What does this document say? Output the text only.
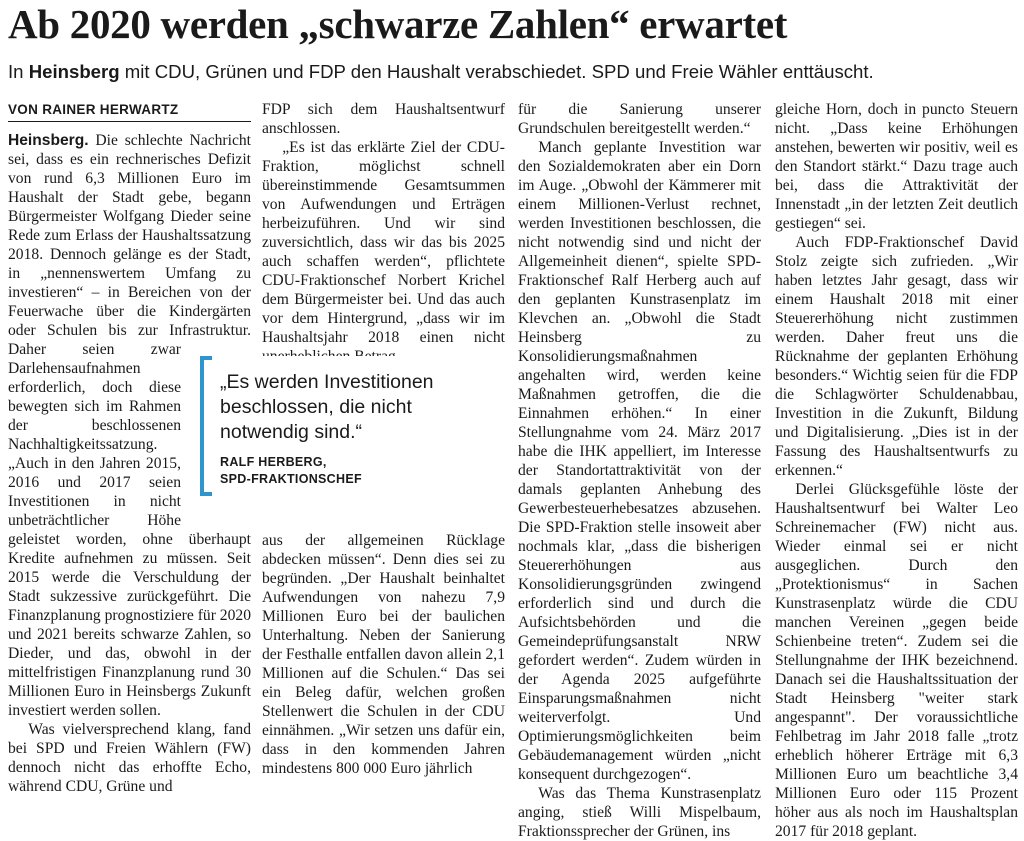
Ab 2020 werden „schwarze Zahlen“ erwartet
In Heinsberg mit CDU, Grünen und FDP den Haushalt verabschiedet. SPD und Freie Wähler enttäuscht.
VON RAINER HERWARTZ

Heinsberg. Die schlechte Nachricht sei, dass es ein rechnerisches Defizit von rund 6,3 Millionen Euro im Haushalt der Stadt gebe, begann Bürgermeister Wolfgang Dieder seine Rede zum Erlass der Haushaltssatzung 2018. Dennoch gelänge es der Stadt, in „nennenswertem Umfang zu investieren“ – in Bereichen von der Feuerwache über die Kindergärten oder Schulen bis zur Infrastruktur. Daher seien zwar Darlehensaufnahmen erforderlich, doch diese bewegten sich im Rahmen der beschlossenen Nachhaltigkeitssatzung. „Auch in den Jahren 2015, 2016 und 2017 seien Investitionen in nicht unbeträchtlicher Höhe geleistet worden, ohne überhaupt Kredite aufnehmen zu müssen. Seit 2015 werde die Verschuldung der Stadt sukzessive zurückgeführt. Die Finanzplanung prognostiziere für 2020 und 2021 bereits schwarze Zahlen, so Dieder, und das, obwohl in der mittelfristigen Finanzplanung rund 30 Millionen Euro in Heinsbergs Zukunft investiert werden sollen.

Was vielversprechend klang, fand bei SPD und Freien Wählern (FW) dennoch nicht das erhoffte Echo, während CDU, Grüne und

FDP sich dem Haushaltsentwurf anschlossen.

„Es ist das erklärte Ziel der CDU-Fraktion, möglichst schnell übereinstimmende Gesamtsummen von Aufwendungen und Erträgen herbeizuführen. Und wir sind zuversichtlich, dass wir das bis 2025 auch schaffen werden“, pflichtete CDU-Fraktionschef Norbert Krichel dem Bürgermeister bei. Und das auch vor dem Hintergrund, „dass wir im Haushaltsjahr 2018 einen nicht

aus der allgemeinen Rücklage abdecken müssen“. Denn dies sei zu begründen. „Der Haushalt beinhaltet Aufwendungen von nahezu 7,9 Millionen Euro bei der baulichen Unterhaltung. Neben der Sanierung der Festhalle entfallen davon allein 2,1 Millionen auf die Schulen.“ Das sei ein Beleg dafür, welchen großen Stellenwert die Schulen in der CDU einnähmen. „Wir setzen uns dafür ein, dass in den kommenden Jahren mindestens 800 000 Euro jährlich

für die Sanierung unserer Grundschulen bereitgestellt werden.“

Manch geplante Investition war den Sozialdemokraten aber ein Dorn im Auge. „Obwohl der Kämmerer mit einem Millionen-Verlust rechnet, werden Investitionen beschlossen, die nicht notwendig sind und nicht der Allgemeinheit dienen“, spielte SPD-Fraktionschef Ralf Herberg auch auf den geplanten Kunstrasenplatz im Klevchen an. „Obwohl die Stadt Heinsberg zu Konsolidierungsmaßnahmen angehalten wird, werden keine Maßnahmen getroffen, die die Einnahmen erhöhen.“ In einer Stellungnahme vom 24. März 2017 habe die IHK appelliert, im Interesse der Standortattraktivität von der damals geplanten Anhebung des Gewerbesteuerhebesatzes abzusehen. Die SPD-Fraktion stelle insoweit aber nochmals klar, „dass die bisherigen Steuererhöhungen aus Konsolidierungsgründen zwingend erforderlich sind und durch die Aufsichtsbehörden und die Gemeindeprüfungsanstalt NRW gefordert werden“. Zudem würden in der Agenda 2025 aufgeführte Einsparungsmaßnahmen nicht weiterverfolgt. Und Optimierungsmöglichkeiten beim Gebäudemanagement würden „nicht konsequent durchgezogen“.

Was das Thema Kunstrasenplatz anging, stieß Willi Mispelbaum, Fraktionssprecher der Grünen, ins

gleiche Horn, doch in puncto Steuern nicht. „Dass keine Erhöhungen anstehen, bewerten wir positiv, weil es den Standort stärkt.“ Dazu trage auch bei, dass die Attraktivität der Innenstadt „in der letzten Zeit deutlich gestiegen“ sei.

Auch FDP-Fraktionschef David Stolz zeigte sich zufrieden. „Wir haben letztes Jahr gesagt, dass wir einem Haushalt 2018 mit einer Steuererhöhung nicht zustimmen werden. Daher freut uns die Rücknahme der geplanten Erhöhung besonders.“ Wichtig seien für die FDP die Schlagwörter Schuldenabbau, Investition in die Zukunft, Bildung und Digitalisierung. „Dies ist in der Fassung des Haushaltsentwurfs zu erkennen.“

Derlei Glücksgefühle löste der Haushaltsentwurf bei Walter Leo Schreinemacher (FW) nicht aus. Wieder einmal sei er nicht ausgeglichen. Durch den „Protektionismus“ in Sachen Kunstrasenplatz würde die CDU manchen Vereinen „gegen beide Schienbeine treten“. Zudem sei die Stellungnahme der IHK bezeichnend. Danach sei die Haushaltssituation der Stadt Heinsberg "weiter stark angespannt". Der voraussichtliche Fehlbetrag im Jahr 2018 falle „trotz erheblich höherer Erträge mit 6,3 Millionen Euro um beachtliche 3,4 Millionen Euro oder 115 Prozent höher aus als noch im Haushaltsplan 2017 für 2018 geplant.

„Es werden Investitionen beschlossen, die nicht notwendig sind.“
RALF HERBERG,
SPD-FRAKTIONSCHEF
